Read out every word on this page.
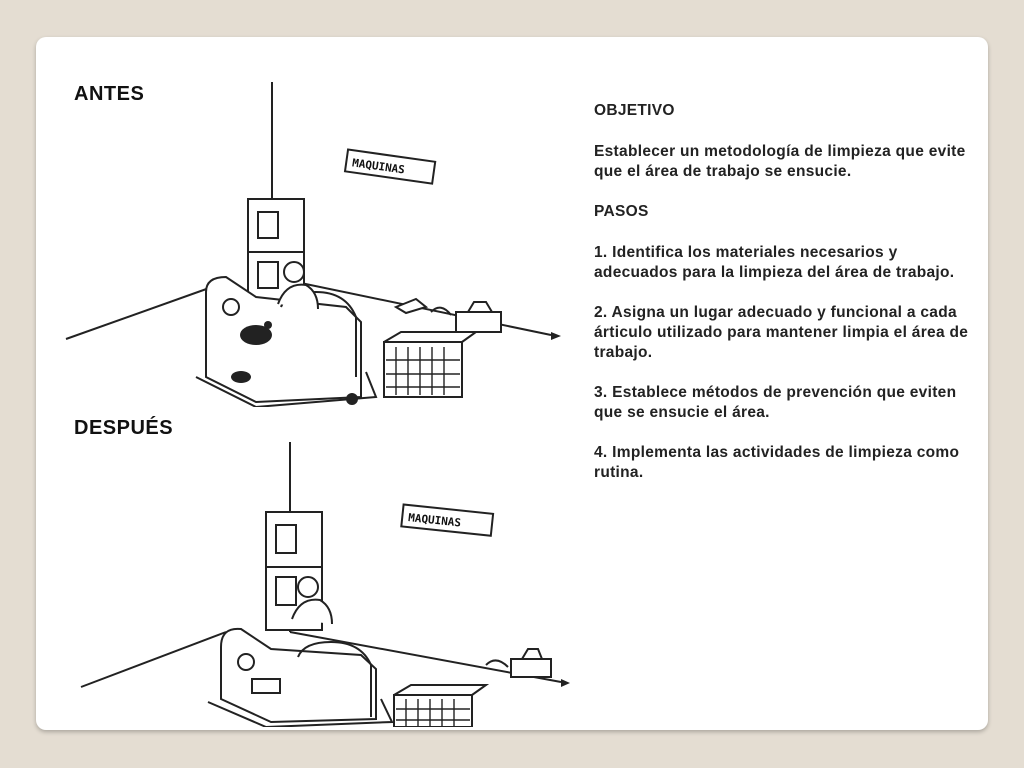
ANTES
MAQUINAS
DESPUÉS
MAQUINAS
OBJETIVO

Establecer un metodología de limpieza que evite que el área de trabajo se ensucie.

PASOS

1. Identifica los materiales necesarios y adecuados para la limpieza del área de trabajo.

2. Asigna un lugar adecuado y funcional a cada árticulo utilizado para mantener limpia el área de trabajo.

3. Establece métodos de prevención que eviten que se ensucie el área.

4. Implementa las actividades de limpieza como rutina.
